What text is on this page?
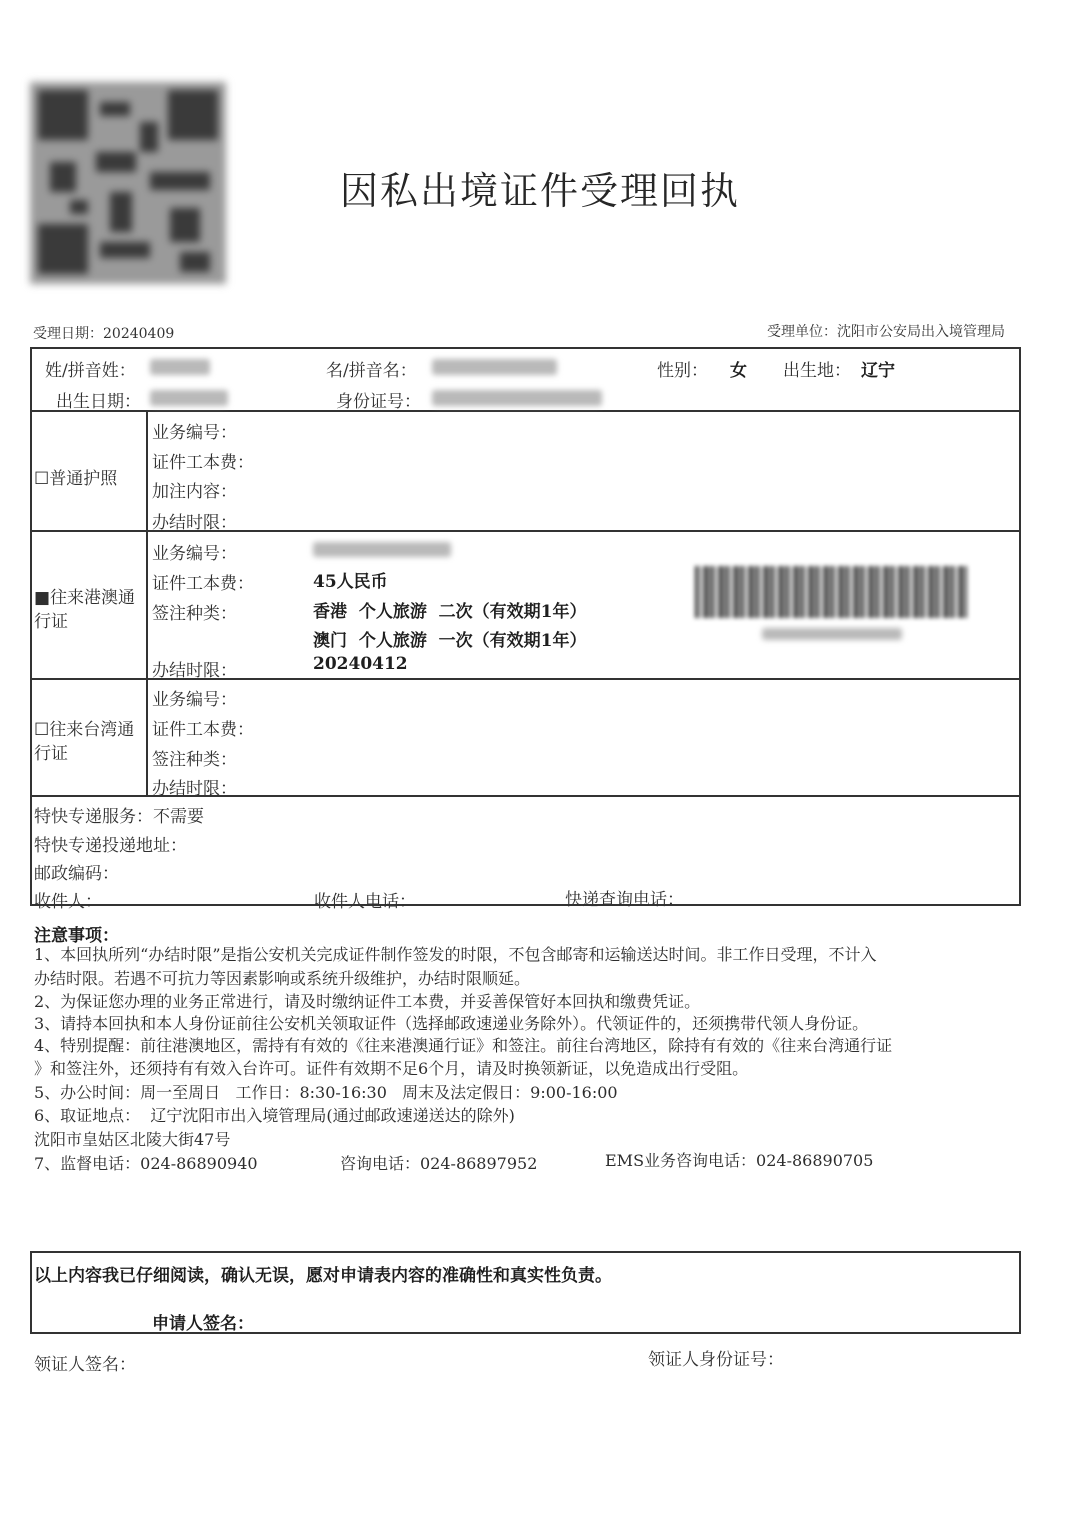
因私出境证件受理回执
受理日期：20240409	受理单位：沈阳市公安局出入境管理局
姓/拼音姓：	名/拼音名：	性别： 女 出生地： 辽宁
出生日期：	身份证号：
☐普通护照
业务编号：
证件工本费：
加注内容：
办结时限：
■往来港澳通行证
业务编号：
证件工本费：	45人民币
签注种类：	香港  个人旅游  二次（有效期1年）
澳门  个人旅游  一次（有效期1年）
办结时限：	20240412
☐往来台湾通行证
业务编号：
证件工本费：
签注种类：
办结时限：
特快专递服务：不需要
特快专递投递地址：
邮政编码：
收件人：	收件人电话：	快递查询电话：
注意事项：
1、本回执所列“办结时限”是指公安机关完成证件制作签发的时限，不包含邮寄和运输送达时间。非工作日受理，不计入
办结时限。若遇不可抗力等因素影响或系统升级维护，办结时限顺延。
2、为保证您办理的业务正常进行，请及时缴纳证件工本费，并妥善保管好本回执和缴费凭证。
3、请持本回执和本人身份证前往公安机关领取证件（选择邮政速递业务除外）。代领证件的，还须携带代领人身份证。
4、特别提醒：前往港澳地区，需持有有效的《往来港澳通行证》和签注。前往台湾地区，除持有有效的《往来台湾通行证
》和签注外，还须持有有效入台许可。证件有效期不足6个月，请及时换领新证，以免造成出行受阻。
5、办公时间：周一至周日   工作日：8:30-16:30   周末及法定假日：9:00-16:00
6、取证地点：  辽宁沈阳市出入境管理局(通过邮政速递送达的除外)
沈阳市皇姑区北陵大街47号
7、监督电话：024-86890940	咨询电话：024-86897952	EMS业务咨询电话：024-86890705
以上内容我已仔细阅读，确认无误，愿对申请表内容的准确性和真实性负责。
申请人签名：
领证人签名：	领证人身份证号：
